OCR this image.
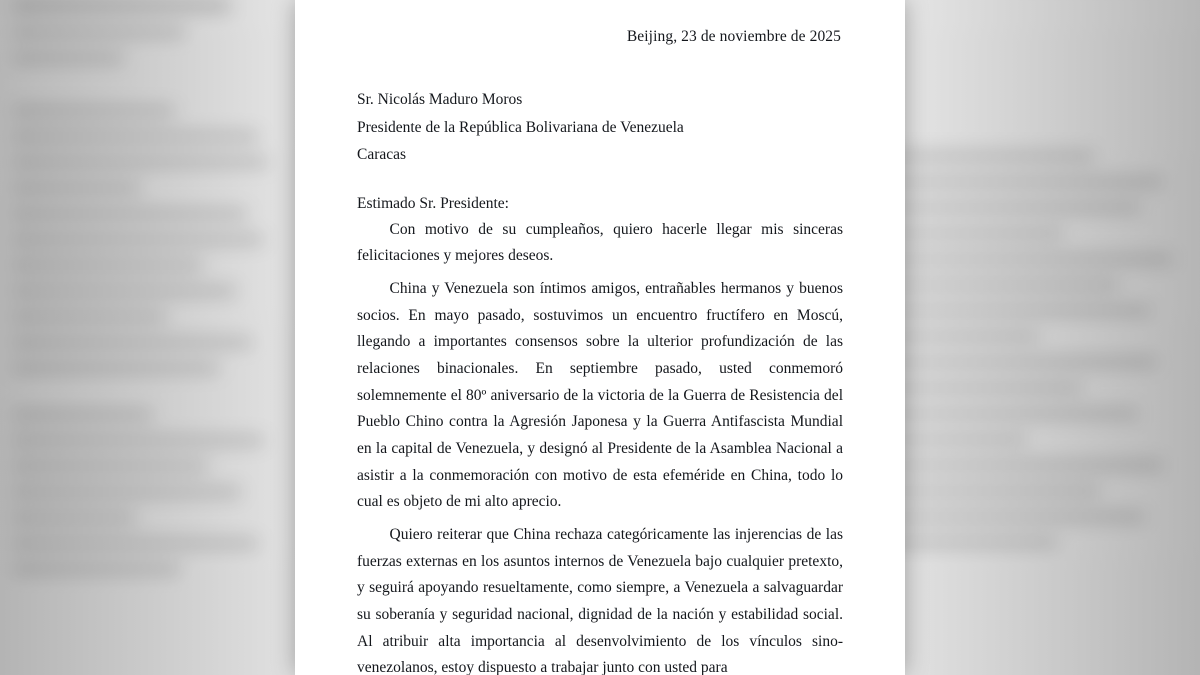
Beijing, 23 de noviembre de 2025
Sr. Nicolás Maduro Moros
Presidente de la República Bolivariana de Venezuela
Caracas
Estimado Sr. Presidente:

Con motivo de su cumpleaños, quiero hacerle llegar mis sinceras felicitaciones y mejores deseos.

China y Venezuela son íntimos amigos, entrañables hermanos y buenos socios. En mayo pasado, sostuvimos un encuentro fructífero en Moscú, llegando a importantes consensos sobre la ulterior profundización de las relaciones binacionales. En septiembre pasado, usted conmemoró solemnemente el 80º aniversario de la victoria de la Guerra de Resistencia del Pueblo Chino contra la Agresión Japonesa y la Guerra Antifascista Mundial en la capital de Venezuela, y designó al Presidente de la Asamblea Nacional a asistir a la conmemoración con motivo de esta efeméride en China, todo lo cual es objeto de mi alto aprecio.

Quiero reiterar que China rechaza categóricamente las injerencias de las fuerzas externas en los asuntos internos de Venezuela bajo cualquier pretexto, y seguirá apoyando resueltamente, como siempre, a Venezuela a salvaguardar su soberanía y seguridad nacional, dignidad de la nación y estabilidad social. Al atribuir alta importancia al desenvolvimiento de los vínculos sino-venezolanos, estoy dispuesto a trabajar junto con usted para
